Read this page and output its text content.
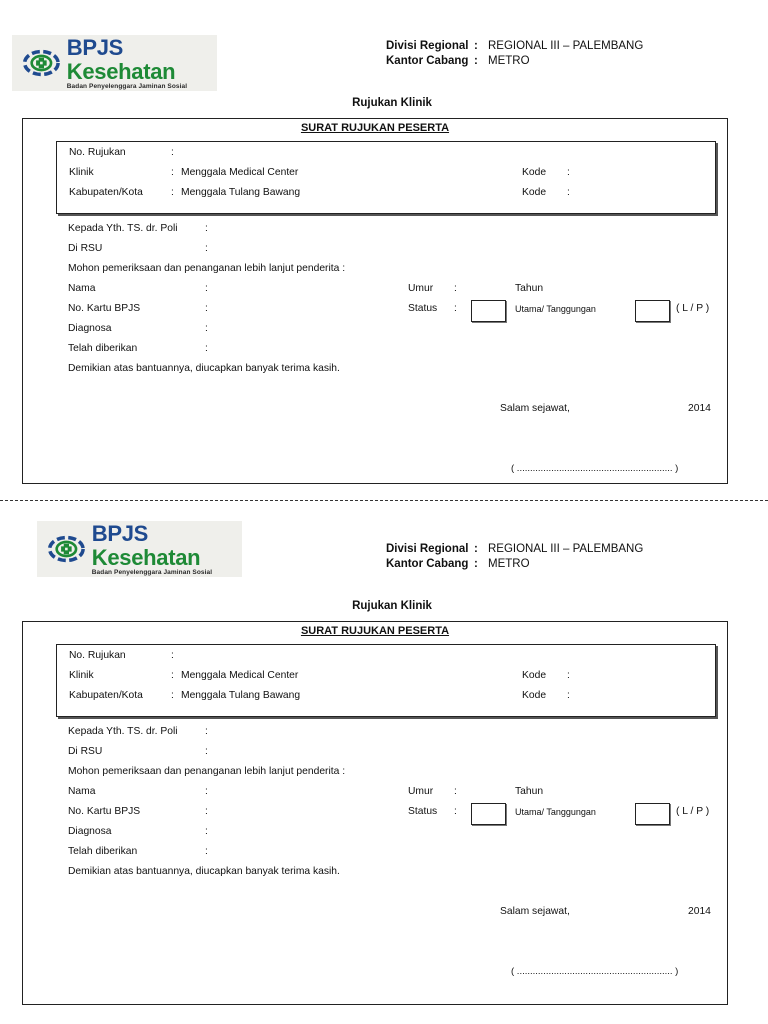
BPJS Kesehatan
Badan Penyelenggara Jaminan Sosial
Divisi Regional : REGIONAL III – PALEMBANG
Kantor Cabang : METRO
Rujukan Klinik
SURAT RUJUKAN PESERTA
No. Rujukan	:
Klinik	: Menggala Medical Center	Kode :
Kabupaten/Kota	: Menggala Tulang Bawang	Kode :
Kepada Yth. TS. dr. Poli	:
Di RSU	:
Mohon pemeriksaan dan penanganan lebih lanjut penderita :
Nama	:	Umur :	Tahun
No. Kartu BPJS	:	Status :	Utama/ Tanggungan	( L / P )
Diagnosa	:
Telah diberikan	:
Demikian atas bantuannya, diucapkan banyak terima kasih.
Salam sejawat,	2014
( ........................................................... )
BPJS Kesehatan
Badan Penyelenggara Jaminan Sosial
Divisi Regional : REGIONAL III – PALEMBANG
Kantor Cabang : METRO
Rujukan Klinik
SURAT RUJUKAN PESERTA
No. Rujukan	:
Klinik	: Menggala Medical Center	Kode :
Kabupaten/Kota	: Menggala Tulang Bawang	Kode :
Kepada Yth. TS. dr. Poli	:
Di RSU	:
Mohon pemeriksaan dan penanganan lebih lanjut penderita :
Nama	:	Umur :	Tahun
No. Kartu BPJS	:	Status :	Utama/ Tanggungan	( L / P )
Diagnosa	:
Telah diberikan	:
Demikian atas bantuannya, diucapkan banyak terima kasih.
Salam sejawat,	2014
( ........................................................... )
